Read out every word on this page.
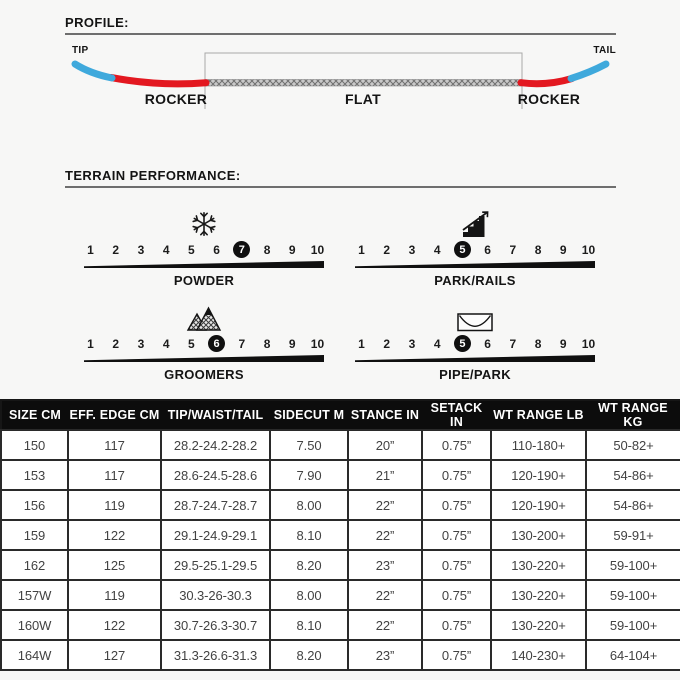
PROFILE:
TIP	TAIL
ROCKER	FLAT	ROCKER
TERRAIN PERFORMANCE:
1	2	3	4	5	6	7	8	9	10
POWDER
1	2	3	4	5	6	7	8	9	10
PARK/RAILS
1	2	3	4	5	6	7	8	9	10
GROOMERS
1	2	3	4	5	6	7	8	9	10
PIPE/PARK
SIZE CM	EFF. EDGE CM	TIP/WAIST/TAIL	SIDECUT M	STANCE IN	SETACK IN	WT RANGE LB	WT RANGE KG
150	117	28.2-24.2-28.2	7.50	20”	0.75”	110-180+	50-82+
153	117	28.6-24.5-28.6	7.90	21”	0.75”	120-190+	54-86+
156	119	28.7-24.7-28.7	8.00	22”	0.75”	120-190+	54-86+
159	122	29.1-24.9-29.1	8.10	22”	0.75”	130-200+	59-91+
162	125	29.5-25.1-29.5	8.20	23”	0.75”	130-220+	59-100+
157W	119	30.3-26-30.3	8.00	22”	0.75”	130-220+	59-100+
160W	122	30.7-26.3-30.7	8.10	22”	0.75”	130-220+	59-100+
164W	127	31.3-26.6-31.3	8.20	23”	0.75”	140-230+	64-104+
